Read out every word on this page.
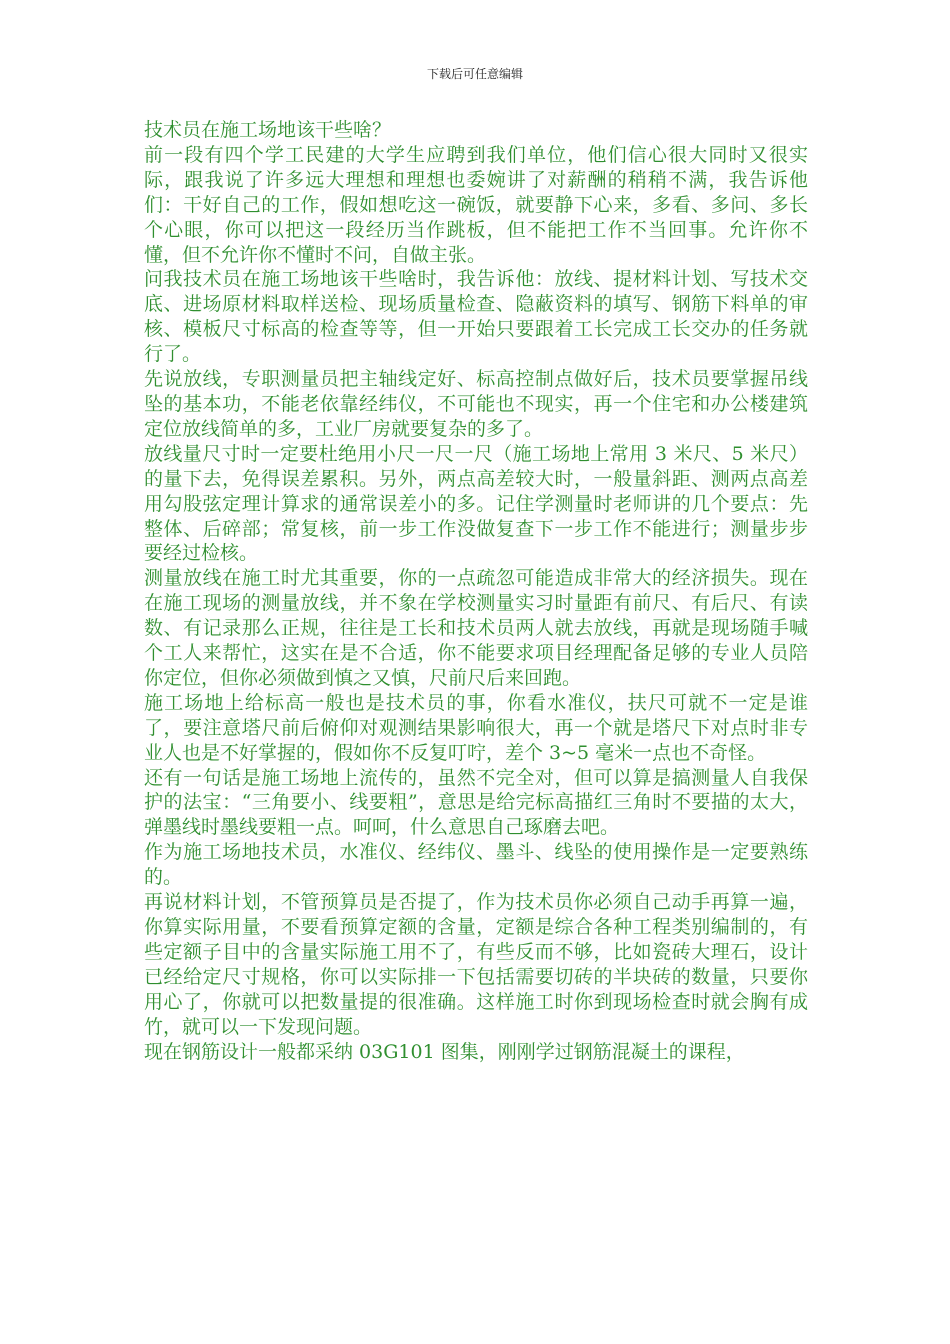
下载后可任意编辑

技术员在施工场地该干些啥？

前一段有四个学工民建的大学生应聘到我们单位，他们信心很大同时又很实际，跟我说了许多远大理想和理想也委婉讲了对薪酬的稍稍不满，我告诉他们：干好自己的工作，假如想吃这一碗饭，就要静下心来，多看、多问、多长个心眼，你可以把这一段经历当作跳板，但不能把工作不当回事。允许你不懂，但不允许你不懂时不问，自做主张。

问我技术员在施工场地该干些啥时，我告诉他：放线、提材料计划、写技术交底、进场原材料取样送检、现场质量检查、隐蔽资料的填写、钢筋下料单的审核、模板尺寸标高的检查等等，但一开始只要跟着工长完成工长交办的任务就行了。

先说放线，专职测量员把主轴线定好、标高控制点做好后，技术员要掌握吊线坠的基本功，不能老依靠经纬仪，不可能也不现实，再一个住宅和办公楼建筑定位放线简单的多，工业厂房就要复杂的多了。

放线量尺寸时一定要杜绝用小尺一尺一尺（施工场地上常用 3 米尺、5 米尺）的量下去，免得误差累积。另外，两点高差较大时，一般量斜距、测两点高差用勾股弦定理计算求的通常误差小的多。记住学测量时老师讲的几个要点：先整体、后碎部；常复核，前一步工作没做复查下一步工作不能进行；测量步步要经过检核。

测量放线在施工时尤其重要，你的一点疏忽可能造成非常大的经济损失。现在在施工现场的测量放线，并不象在学校测量实习时量距有前尺、有后尺、有读数、有记录那么正规，往往是工长和技术员两人就去放线，再就是现场随手喊个工人来帮忙，这实在是不合适，你不能要求项目经理配备足够的专业人员陪你定位，但你必须做到慎之又慎，尺前尺后来回跑。

施工场地上给标高一般也是技术员的事，你看水准仪，扶尺可就不一定是谁了，要注意塔尺前后俯仰对观测结果影响很大，再一个就是塔尺下对点时非专业人也是不好掌握的，假如你不反复叮咛，差个 3~5 毫米一点也不奇怪。

还有一句话是施工场地上流传的，虽然不完全对，但可以算是搞测量人自我保护的法宝：“三角要小、线要粗”，意思是给完标高描红三角时不要描的太大，弹墨线时墨线要粗一点。呵呵，什么意思自己琢磨去吧。

作为施工场地技术员，水准仪、经纬仪、墨斗、线坠的使用操作是一定要熟练的。

再说材料计划，不管预算员是否提了，作为技术员你必须自己动手再算一遍，你算实际用量，不要看预算定额的含量，定额是综合各种工程类别编制的，有些定额子目中的含量实际施工用不了，有些反而不够，比如瓷砖大理石，设计已经给定尺寸规格，你可以实际排一下包括需要切砖的半块砖的数量，只要你用心了，你就可以把数量提的很准确。这样施工时你到现场检查时就会胸有成竹，就可以一下发现问题。

现在钢筋设计一般都采纳 03G101 图集，刚刚学过钢筋混凝土的课程，
